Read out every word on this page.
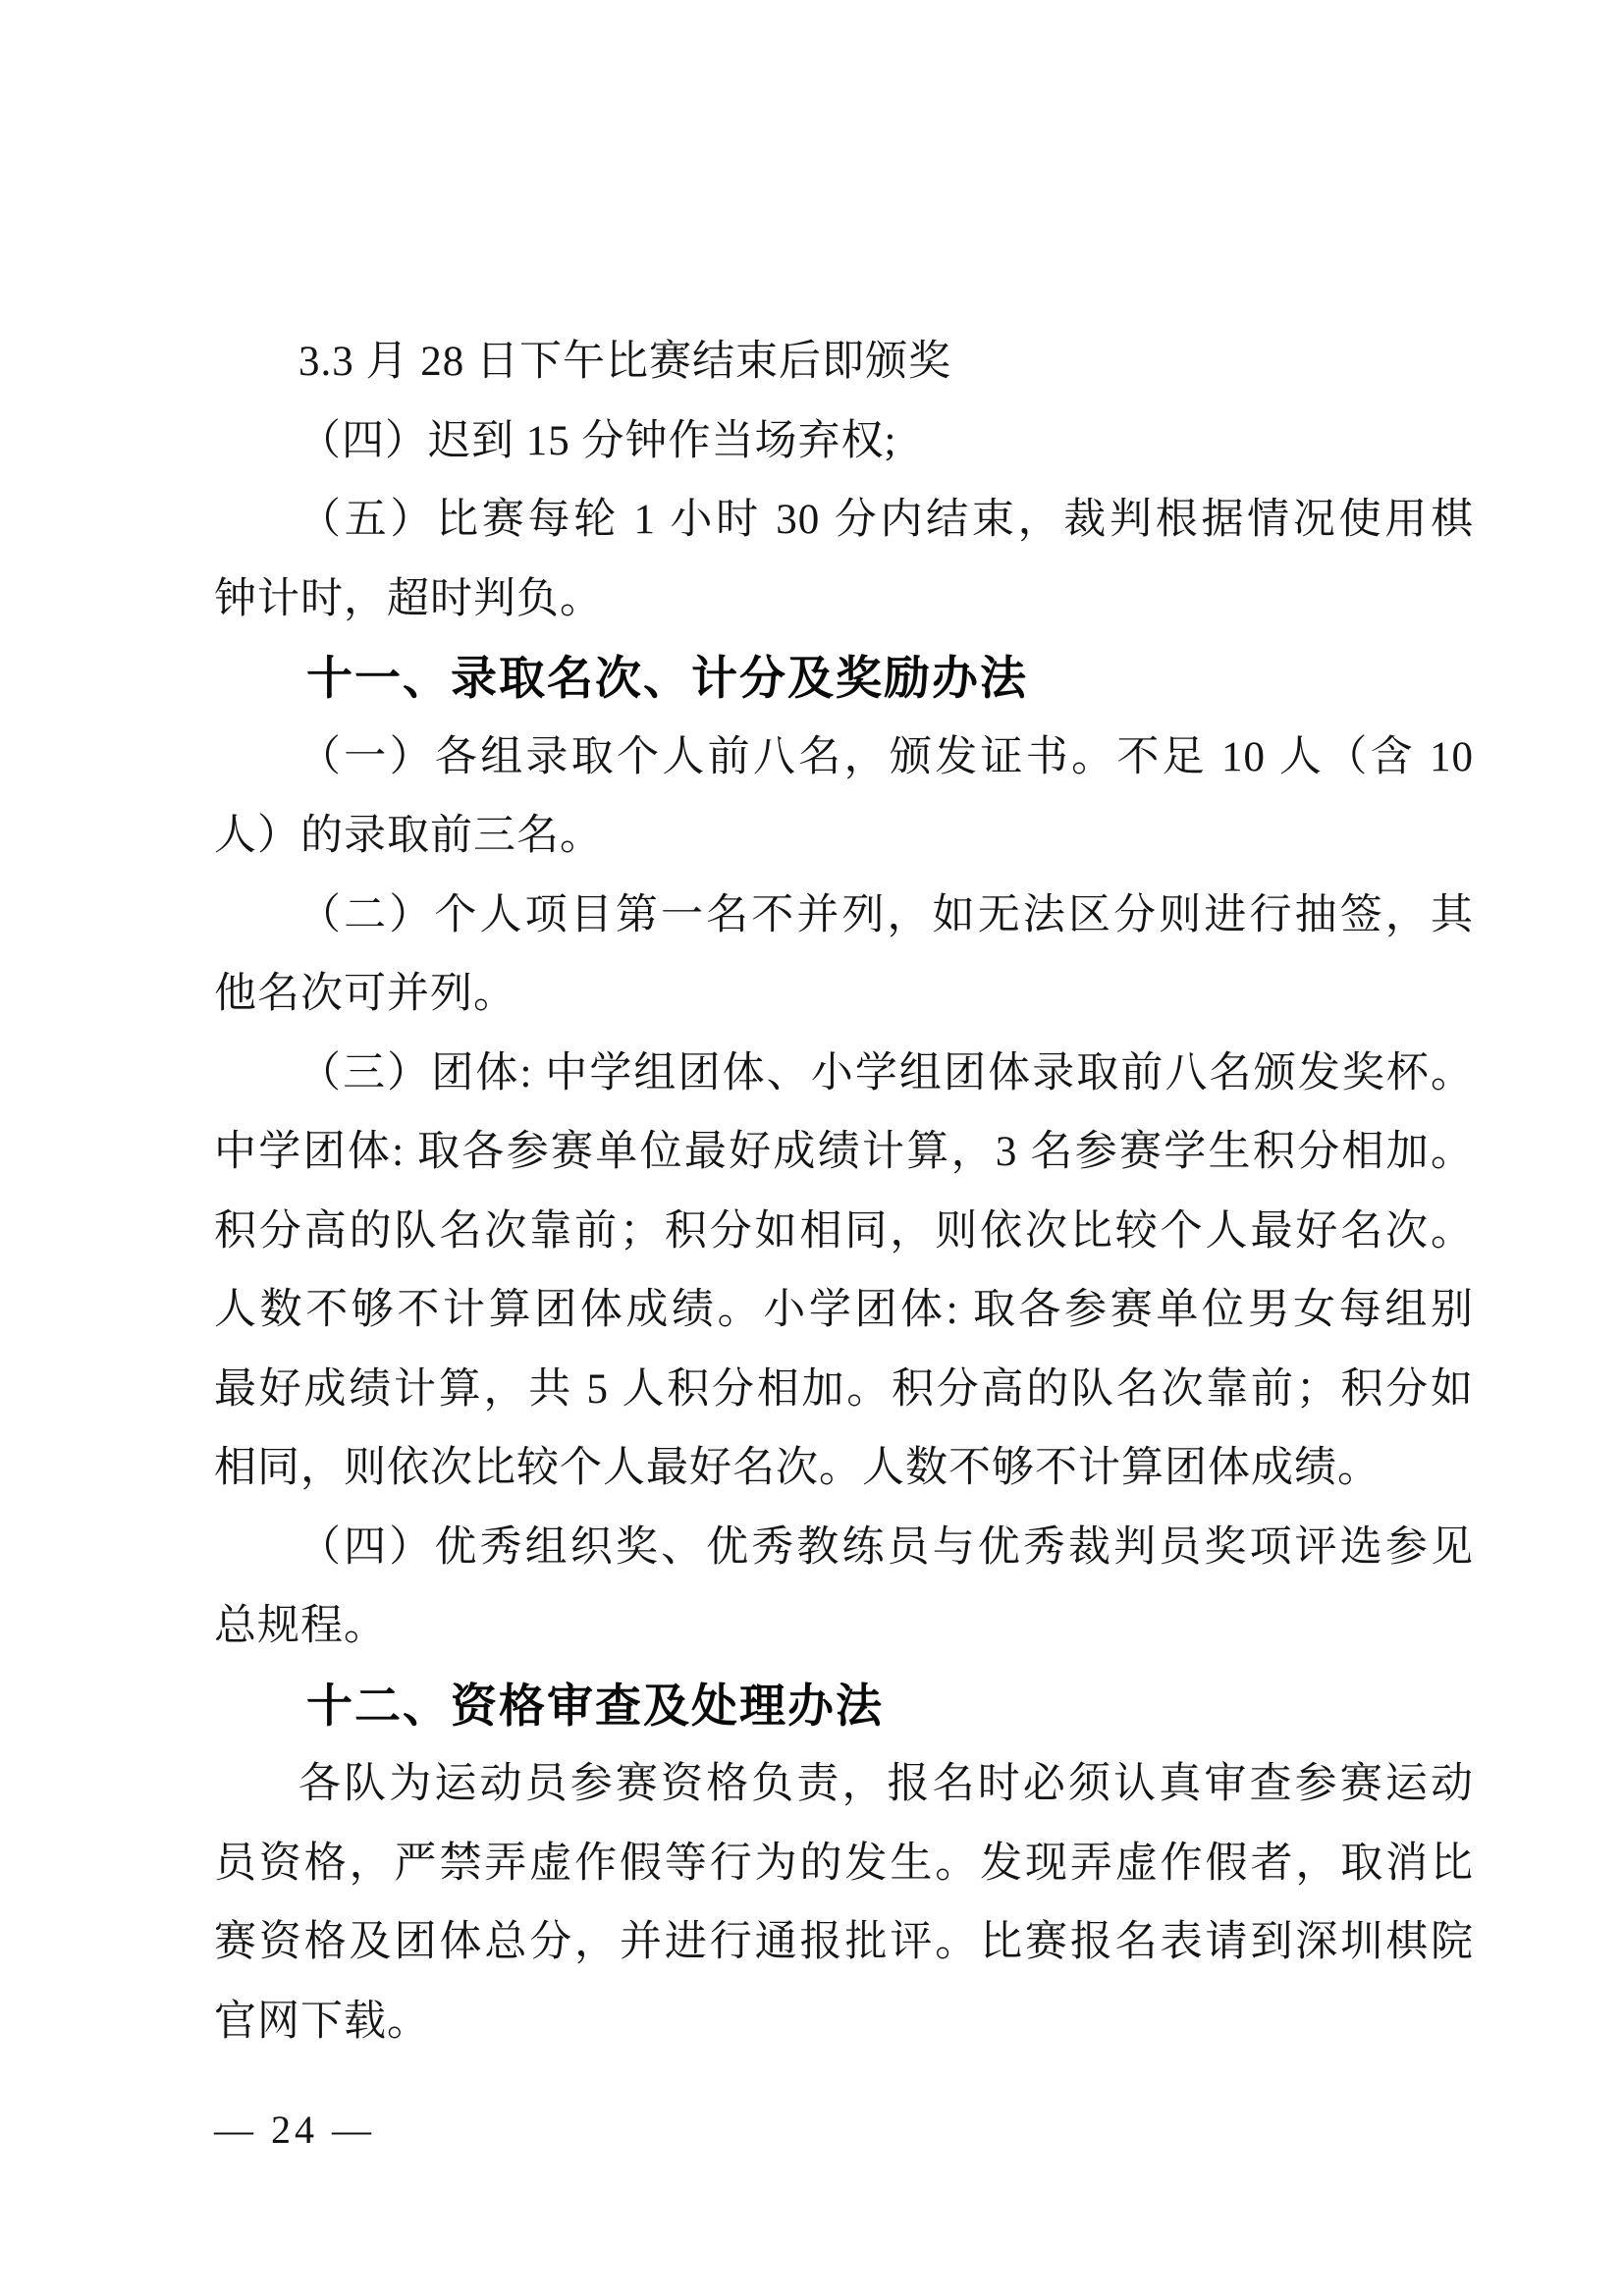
3.3 月 28 日下午比赛结束后即颁奖
（四）迟到 15 分钟作当场弃权;
（五）比赛每轮 1 小时 30 分内结束，裁判根据情况使用棋
钟计时，超时判负。
十一、录取名次、计分及奖励办法
（一）各组录取个人前八名，颁发证书。不足 10 人（含 10
人）的录取前三名。
（二）个人项目第一名不并列，如无法区分则进行抽签，其
他名次可并列。
（三）团体: 中学组团体、小学组团体录取前八名颁发奖杯。
中学团体: 取各参赛单位最好成绩计算，3 名参赛学生积分相加。
积分高的队名次靠前；积分如相同，则依次比较个人最好名次。
人数不够不计算团体成绩。小学团体: 取各参赛单位男女每组别
最好成绩计算，共 5 人积分相加。积分高的队名次靠前；积分如
相同，则依次比较个人最好名次。人数不够不计算团体成绩。
（四）优秀组织奖、优秀教练员与优秀裁判员奖项评选参见
总规程。
十二、资格审查及处理办法
各队为运动员参赛资格负责，报名时必须认真审查参赛运动
员资格，严禁弄虚作假等行为的发生。发现弄虚作假者，取消比
赛资格及团体总分，并进行通报批评。比赛报名表请到深圳棋院
官网下载。
— 24 —
